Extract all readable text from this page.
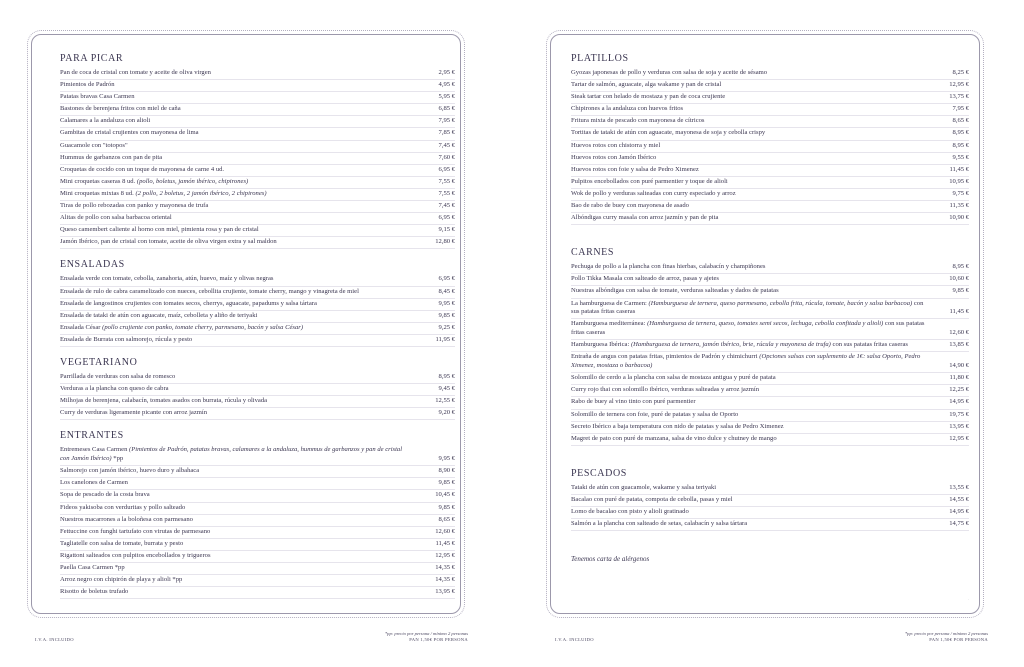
PARA PICAR
Pan de coca de cristal con tomate y aceite de oliva virgen	2,95 €
Pimientos de Padrón	4,95 €
Patatas bravas Casa Carmen	5,95 €
Bastones de berenjena fritos con miel de caña	6,85 €
Calamares a la andaluza con alioli	7,95 €
Gambitas de cristal crujientes con mayonesa de lima	7,85 €
Guacamole con "totopos"	7,45 €
Hummus de garbanzos con pan de pita	7,60 €
Croquetas de cocido con un toque de mayonesa de carne 4 ud.	6,95 €
Mini croquetas caseras 8 ud. (pollo, boletus, jamón ibérico, chipirones)	7,55 €
Mini croquetas mixtas 8 ud. (2 pollo, 2 boletus, 2 jamón ibérico, 2 chipirones)	7,55 €
Tiras de pollo rebozadas con panko y mayonesa de trufa	7,45 €
Alitas de pollo con salsa barbacoa oriental	6,95 €
Queso camembert caliente al horno con miel, pimienta rosa y pan de cristal	9,15 €
Jamón Ibérico, pan de cristal con tomate, aceite de oliva virgen extra y sal maldon	12,80 €
ENSALADAS
Ensalada verde con tomate, cebolla, zanahoria, atún, huevo, maíz y olivas negras	6,95 €
Ensalada de rulo de cabra caramelizado con nueces, cebollita crujiente, tomate cherry, mango y vinagreta de miel	8,45 €
Ensalada de langostinos crujientes con tomates secos, cherrys, aguacate, papadums y salsa tártara	9,95 €
Ensalada de tataki de atún con aguacate, maíz, cebolleta y aliño de teriyaki	9,85 €
Ensalada César (pollo crujiente con panko, tomate cherry, parmesano, bacón y salsa César)	9,25 €
Ensalada de Burrata con salmorejo, rúcula y pesto	11,95 €
VEGETARIANO
Parrillada de verduras con salsa de romesco	8,95 €
Verduras a la plancha con queso de cabra	9,45 €
Milhojas de berenjena, calabacín, tomates asados con burrata, rúcula y olivada	12,55 €
Curry de verduras ligeramente picante con arroz jazmín	9,20 €
ENTRANTES
Entremeses Casa Carmen (Pimientos de Padrón, patatas bravas, calamares a la andaluza, hummus de garbanzos y pan de cristal con Jamón Ibérico) *pp	9,95 €
Salmorejo con jamón ibérico, huevo duro y albahaca	8,90 €
Los canelones de Carmen	9,85 €
Sopa de pescado de la costa brava	10,45 €
Fideos yakisoba con verduritas y pollo salteado	9,85 €
Nuestros macarrones a la boloñesa con parmesano	8,65 €
Fettuccine con funghi tartufato con virutas de parmesano	12,60 €
Tagliatelle con salsa de tomate, burrata y pesto	11,45 €
Rigattoni salteados con pulpitos encebollados y trigueros	12,95 €
Paella Casa Carmen *pp	14,35 €
Arroz negro con chipirón de playa y alioli *pp	14,35 €
Risotto de boletus trufado	13,95 €
PLATILLOS
Gyozas japonesas de pollo y verduras con salsa de soja y aceite de sésamo	8,25 €
Tartar de salmón, aguacate, alga wakame y pan de cristal	12,95 €
Steak tartar con helado de mostaza y pan de coca crujiente	13,75 €
Chipirones a la andaluza con huevos fritos	7,95 €
Fritura mixta de pescado con mayonesa de cítricos	8,65 €
Tortitas de tataki de atún con aguacate, mayonesa de soja y cebolla crispy	8,95 €
Huevos rotos con chistorra y miel	8,95 €
Huevos rotos con Jamón Ibérico	9,55 €
Huevos rotos con foie y salsa de Pedro Ximenez	11,45 €
Pulpitos encebollados con puré parmentier y toque de alioli	10,95 €
Wok de pollo y verduras salteadas con curry especiado y arroz	9,75 €
Bao de rabo de buey con mayonesa de asado	11,35 €
Albóndigas curry masala con arroz jazmín y pan de pita	10,90 €
CARNES
Pechuga de pollo a la plancha con finas hierbas, calabacín y champiñones	8,95 €
Pollo Tikka Masala con salteado de arroz, pasas y ajetes	10,60 €
Nuestras albóndigas con salsa de tomate, verduras salteadas y dados de patatas	9,85 €
La hamburguesa de Carmen: (Hamburguesa de ternera, queso parmesano, cebolla frita, rúcula, tomate, bacón y salsa barbacoa) con sus patatas fritas caseras	11,45 €
Hamburguesa mediterránea: (Hamburguesa de ternera, queso, tomates semi secos, lechuga, cebolla confitada y alioli) con sus patatas fritas caseras	12,60 €
Hamburguesa Ibérica: (Hamburguesa de ternera, jamón ibérico, brie, rúcula y mayonesa de trufa) con sus patatas fritas caseras	13,85 €
Entraña de angus con patatas fritas, pimientos de Padrón y chimichurri (Opciones salsas con suplemento de 1€: salsa Oporto, Pedro Ximenez, mostaza o barbacoa)	14,90 €
Solomillo de cerdo a la plancha con salsa de mostaza antigua y puré de patata	11,80 €
Curry rojo thai con solomillo ibérico, verduras salteadas y arroz jazmín	12,25 €
Rabo de buey al vino tinto con puré parmentier	14,95 €
Solomillo de ternera con foie, puré de patatas y salsa de Oporto	19,75 €
Secreto Ibérico a baja temperatura con nido de patatas y salsa de Pedro Ximenez	13,95 €
Magret de pato con puré de manzana, salsa de vino dulce y chutney de mango	12,95 €
PESCADOS
Tataki de atún con guacamole, wakame y salsa teriyaki	13,55 €
Bacalao con puré de patata, compota de cebolla, pasas y miel	14,55 €
Lomo de bacalao con pisto y alioli gratinado	14,95 €
Salmón a la plancha con salteado de setas, calabacín y salsa tártara	14,75 €
Tenemos carta de alérgenos
·
I.V.A. INCLUIDO
*pp: precio por persona / mínimo 2 personas
PAN 1,50€ POR PERSONA	I.V.A. INCLUIDO
*pp: precio por persona / mínimo 2 personas
PAN 1,50€ POR PERSONA
